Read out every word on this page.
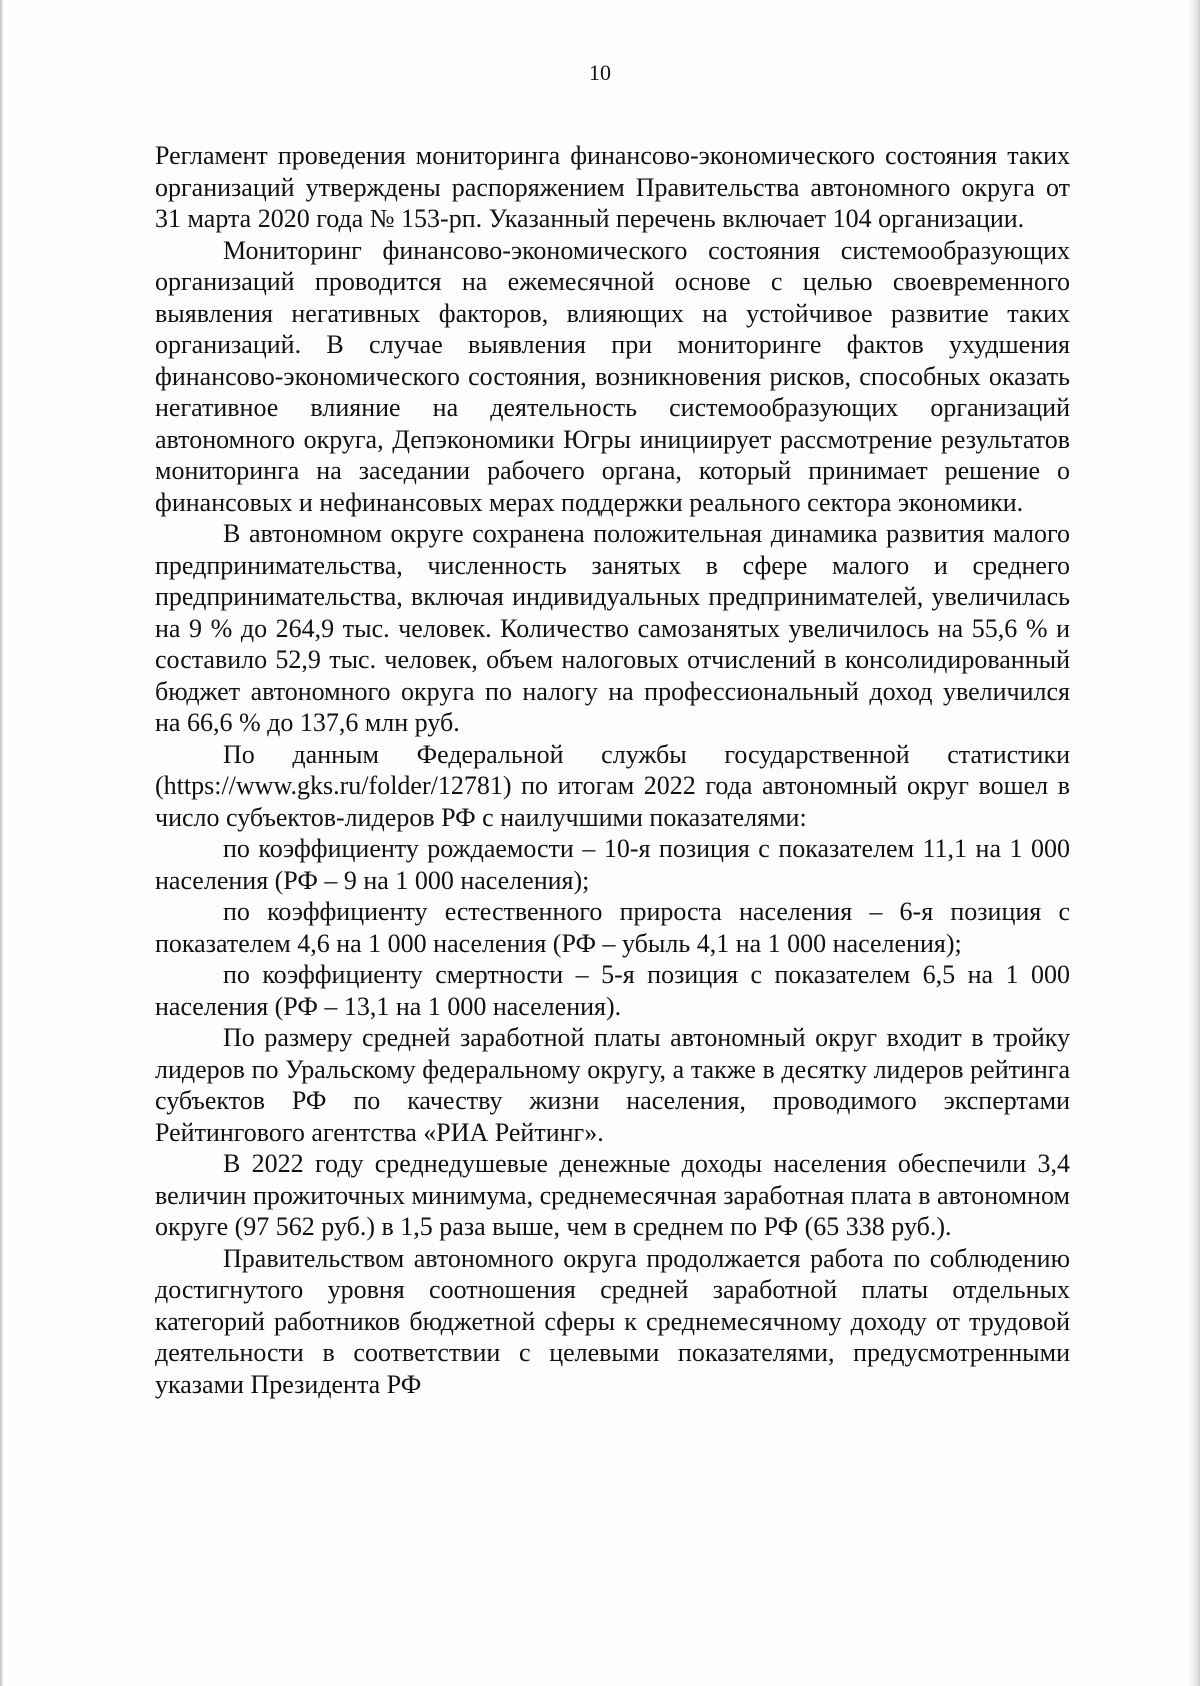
10

Регламент проведения мониторинга финансово-экономического состояния таких организаций утверждены распоряжением Правительства автономного округа от 31 марта 2020 года № 153-рп. Указанный перечень включает 104 организации.

Мониторинг финансово-экономического состояния системообразующих организаций проводится на ежемесячной основе с целью своевременного выявления негативных факторов, влияющих на устойчивое развитие таких организаций. В случае выявления при мониторинге фактов ухудшения финансово-экономического состояния, возникновения рисков, способных оказать негативное влияние на деятельность системообразующих организаций автономного округа, Депэкономики Югры инициирует рассмотрение результатов мониторинга на заседании рабочего органа, который принимает решение о финансовых и нефинансовых мерах поддержки реального сектора экономики.

В автономном округе сохранена положительная динамика развития малого предпринимательства, численность занятых в сфере малого и среднего предпринимательства, включая индивидуальных предпринимателей, увеличилась на 9 % до 264,9 тыс. человек. Количество самозанятых увеличилось на 55,6 % и составило 52,9 тыс. человек, объем налоговых отчислений в консолидированный бюджет автономного округа по налогу на профессиональный доход увеличился на 66,6 % до 137,6 млн руб.

По данным Федеральной службы государственной статистики (https://www.gks.ru/folder/12781) по итогам 2022 года автономный округ вошел в число субъектов-лидеров РФ с наилучшими показателями:

по коэффициенту рождаемости – 10-я позиция с показателем 11,1 на 1 000 населения (РФ – 9 на 1 000 населения);

по коэффициенту естественного прироста населения – 6-я позиция с показателем 4,6 на 1 000 населения (РФ – убыль 4,1 на 1 000 населения);

по коэффициенту смертности – 5-я позиция с показателем 6,5 на 1 000 населения (РФ – 13,1 на 1 000 населения).

По размеру средней заработной платы автономный округ входит в тройку лидеров по Уральскому федеральному округу, а также в десятку лидеров рейтинга субъектов РФ по качеству жизни населения, проводимого экспертами Рейтингового агентства «РИА Рейтинг».

В 2022 году среднедушевые денежные доходы населения обеспечили 3,4 величин прожиточных минимума, среднемесячная заработная плата в автономном округе (97 562 руб.) в 1,5 раза выше, чем в среднем по РФ (65 338 руб.).

Правительством автономного округа продолжается работа по соблюдению достигнутого уровня соотношения средней заработной платы отдельных категорий работников бюджетной сферы к среднемесячному доходу от трудовой деятельности в соответствии с целевыми показателями, предусмотренными указами Президента РФ
